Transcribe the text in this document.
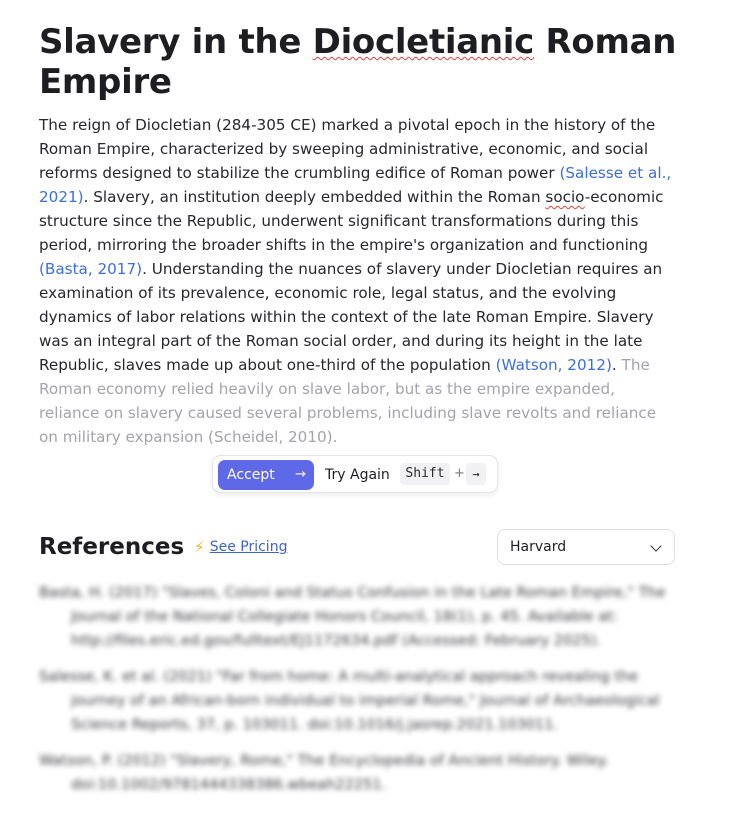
Slavery in the Diocletianic Roman Empire
The reign of Diocletian (284-305 CE) marked a pivotal epoch in the history of the Roman Empire, characterized by sweeping administrative, economic, and social reforms designed to stabilize the crumbling edifice of Roman power (Salesse et al., 2021). Slavery, an institution deeply embedded within the Roman socio-economic structure since the Republic, underwent significant transformations during this period, mirroring the broader shifts in the empire's organization and functioning (Basta, 2017). Understanding the nuances of slavery under Diocletian requires an examination of its prevalence, economic role, legal status, and the evolving dynamics of labor relations within the context of the late Roman Empire. Slavery was an integral part of the Roman social order, and during its height in the late Republic, slaves made up about one-third of the population (Watson, 2012). The Roman economy relied heavily on slave labor, but as the empire expanded, reliance on slavery caused several problems, including slave revolts and reliance on military expansion (Scheidel, 2010).
Accept → Try Again	Shift + →
References ⚡ See Pricing	Harvard
Basta, H. (2017) "Slaves, Coloni and Status Confusion in the Late Roman Empire," The Journal of the National Collegiate Honors Council, 18(1), p. 45. Available at: http://files.eric.ed.gov/fulltext/EJ1172634.pdf (Accessed: February 2025).
Salesse, K. et al. (2021) "Far from home: A multi-analytical approach revealing the journey of an African-born individual to imperial Rome," Journal of Archaeological Science Reports, 37, p. 103011. doi:10.1016/j.jasrep.2021.103011.
Watson, P. (2012) "Slavery, Rome," The Encyclopedia of Ancient History. Wiley. doi:10.1002/9781444338386.wbeah22251.
